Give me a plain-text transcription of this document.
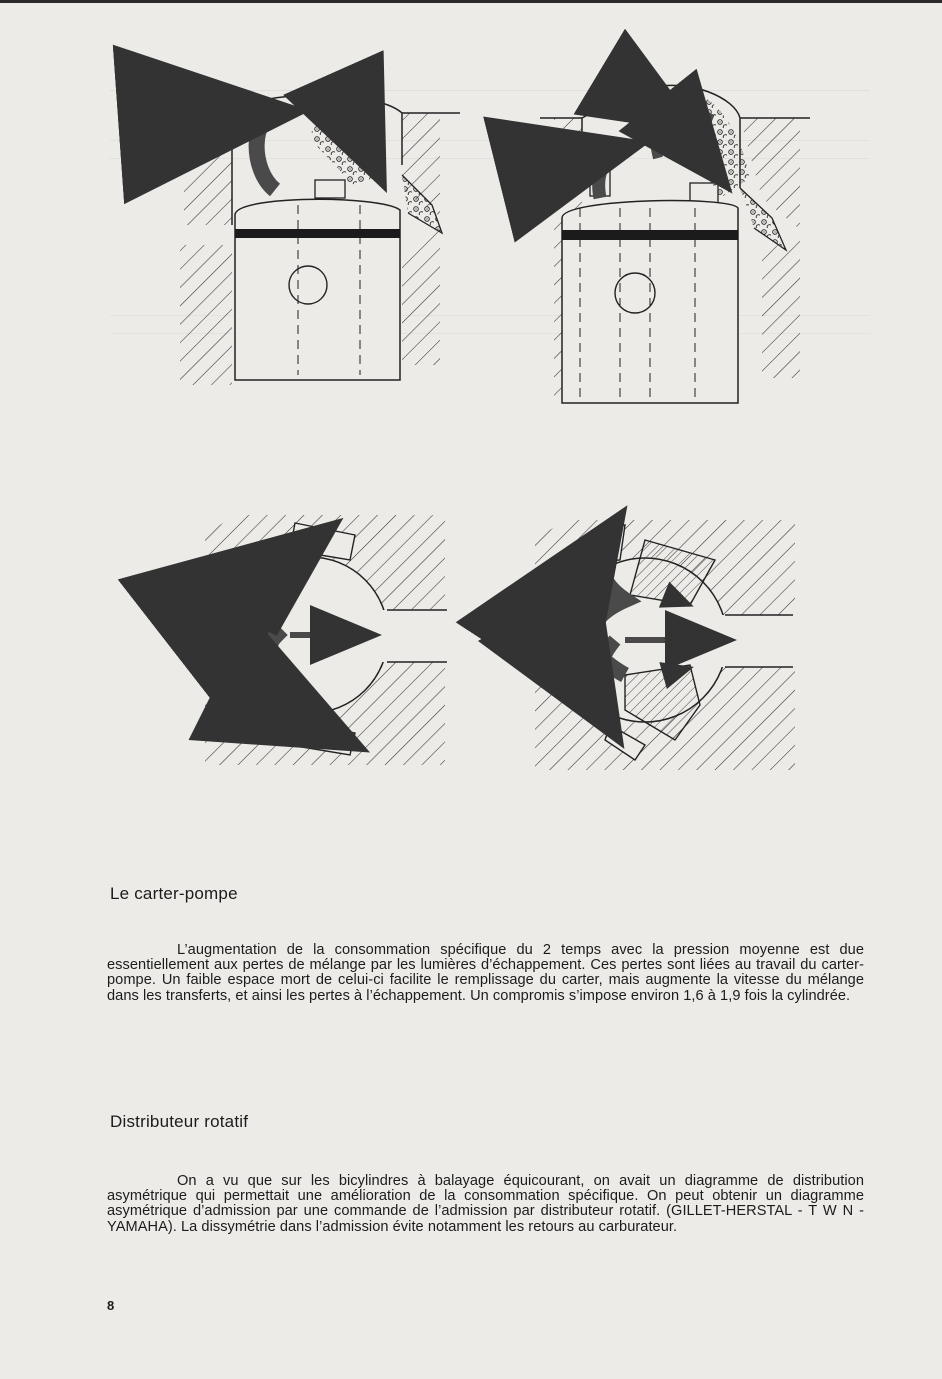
Le carter-pompe

L’augmentation de la consommation spécifique du 2 temps avec la pression moyenne est due essentiellement aux pertes de mélange par les lumières d’échappement. Ces pertes sont liées au travail du carter-pompe. Un faible espace mort de celui-ci facilite le remplissage du carter, mais augmente la vitesse du mélange dans les transferts, et ainsi les pertes à l’échappement. Un compromis s’impose environ 1,6 à 1,9 fois la cylindrée.

Distributeur rotatif

On a vu que sur les bicylindres à balayage équicourant, on avait un diagramme de distribution asymétrique qui permettait une amélioration de la consommation spécifique. On peut obtenir un diagramme asymétrique d’admission par une commande de l’admission par distributeur rotatif. (GILLET-HERSTAL - T W N - YAMAHA). La dissymétrie dans l’admission évite notamment les retours au carburateur.

8
